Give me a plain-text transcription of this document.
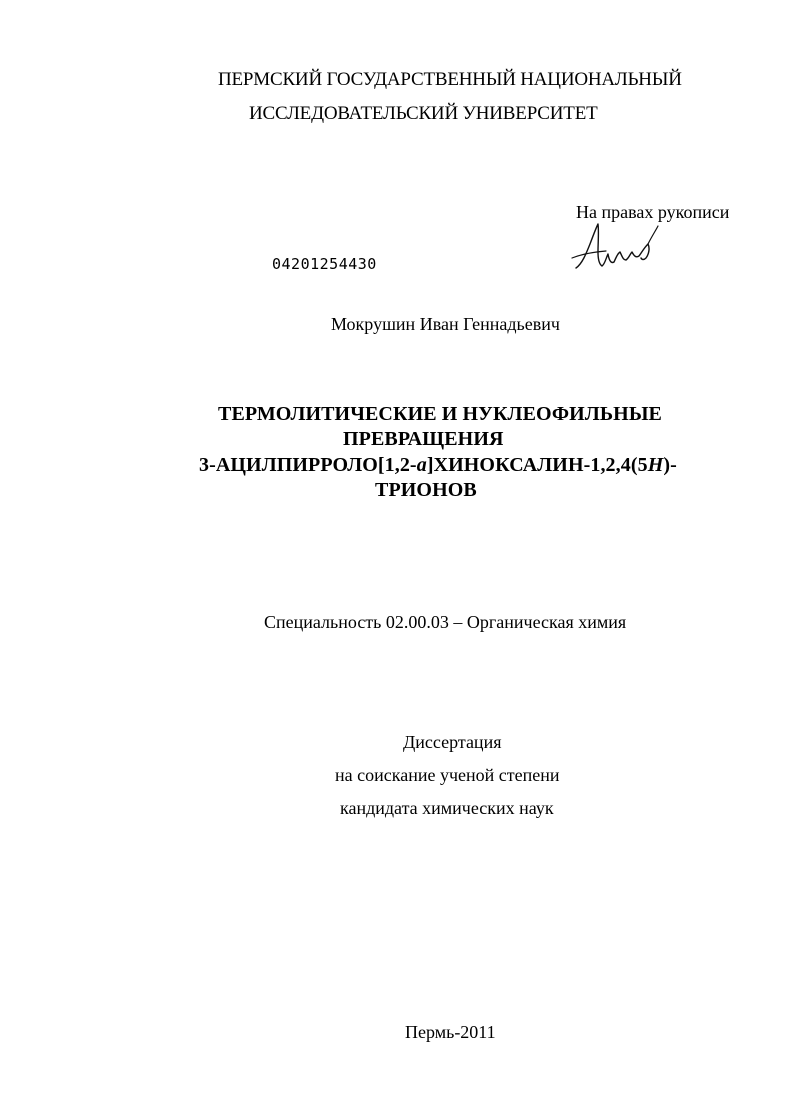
ПЕРМСКИЙ ГОСУДАРСТВЕННЫЙ НАЦИОНАЛЬНЫЙ
ИССЛЕДОВАТЕЛЬСКИЙ УНИВЕРСИТЕТ
На правах рукописи
04201254430
Мокрушин Иван Геннадьевич
ТЕРМОЛИТИЧЕСКИЕ И НУКЛЕОФИЛЬНЫЕ
ПРЕВРАЩЕНИЯ
3-АЦИЛПИРРОЛО[1,2-a]ХИНОКСАЛИН-1,2,4(5H)-
ТРИОНОВ
Специальность 02.00.03 – Органическая химия
Диссертация
на соискание ученой степени
кандидата химических наук
Пермь-2011
